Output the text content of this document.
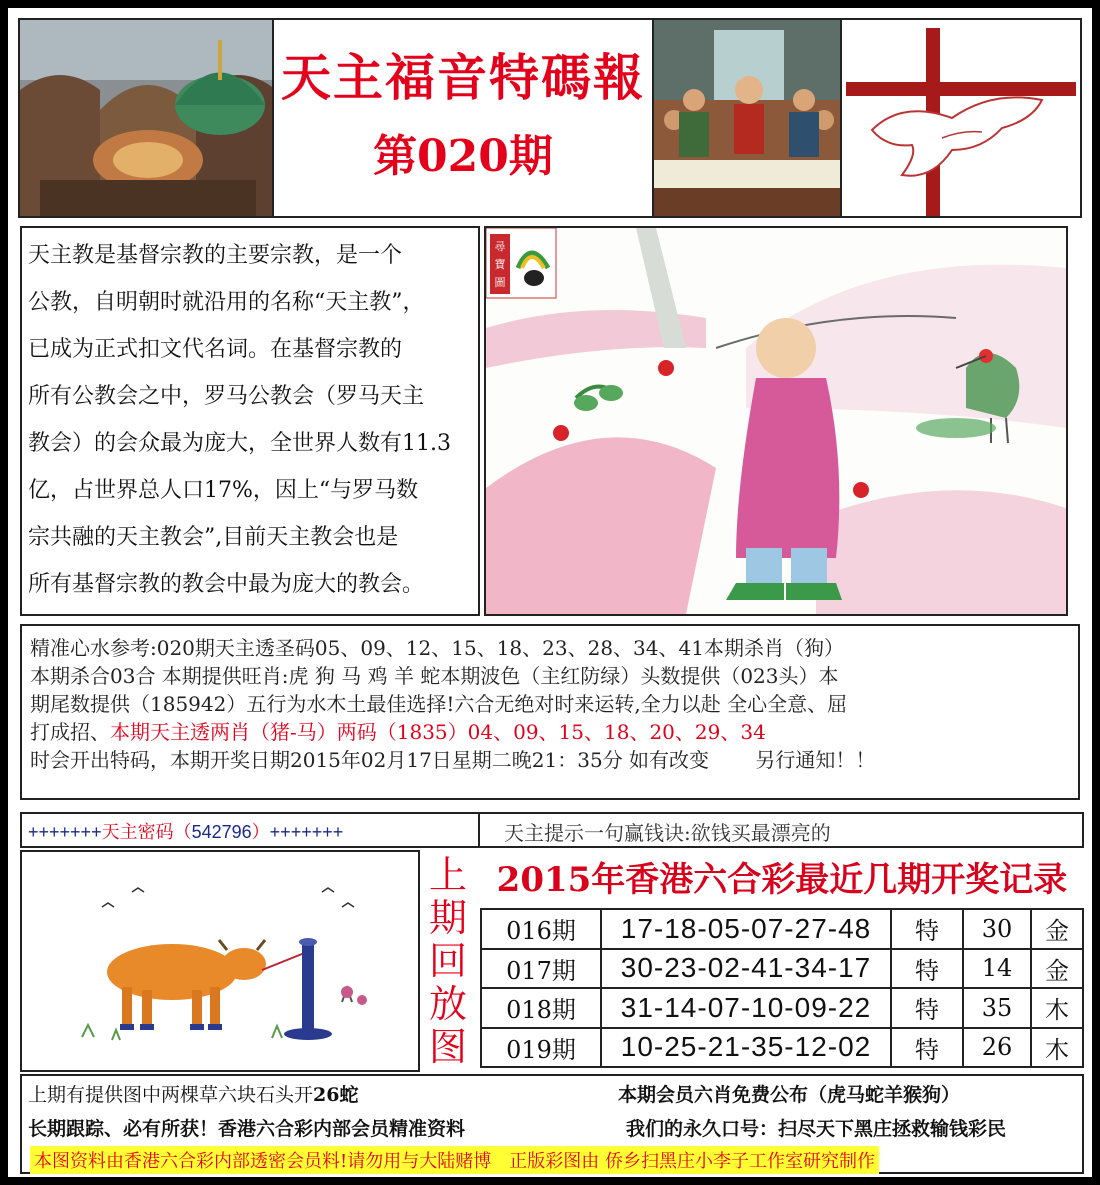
天主福音特碼報
第020期
天主教是基督宗教的主要宗教，是一个
公教，自明朝时就沿用的名称“天主教”，
已成为正式扣文代名词。在基督宗教的
所有公教会之中，罗马公教会（罗马天主
教会）的会众最为庞大，全世界人数有11.3
亿，占世界总人口17%，因上“与罗马数
宗共融的天主教会”,目前天主教会也是
所有基督宗教的教会中最为庞大的教会。
尋
寶
圖
精准心水参考:020期天主透圣码05、09、12、15、18、23、28、34、41本期杀肖（狗）
本期杀合03合 本期提供旺肖:虎 狗 马 鸡 羊 蛇本期波色（主红防绿）头数提供（023头）本
期尾数提供（185942）五行为水木土最佳选择!六合无绝对时来运转,全力以赴 全心全意、屈
打成招、本期天主透两肖（猪-马）两码（1835）04、09、15、18、20、29、34
时会开出特码，本期开奖日期2015年02月17日星期二晚21：35分 如有改变　　 另行通知！！
+++++++天主密码（542796）+++++++	天主提示一句赢钱诀:欲钱买最漂亮的
上
期
回
放
图
2015年香港六合彩最近几期开奖记录
016期	17-18-05-07-27-48	特	30	金
017期	30-23-02-41-34-17	特	14	金
018期	31-14-07-10-09-22	特	35	木
019期	10-25-21-35-12-02	特	26	木
上期有提供图中两棵草六块石头开26蛇	本期会员六肖免费公布（虎马蛇羊猴狗）
长期跟踪、必有所获！香港六合彩内部会员精准资料	我们的永久口号：扫尽天下黑庄拯救输钱彩民
本图资料由香港六合彩内部透密会员料!请勿用与大陆赌博　正版彩图由 侨乡扫黑庄小李子工作室研究制作
